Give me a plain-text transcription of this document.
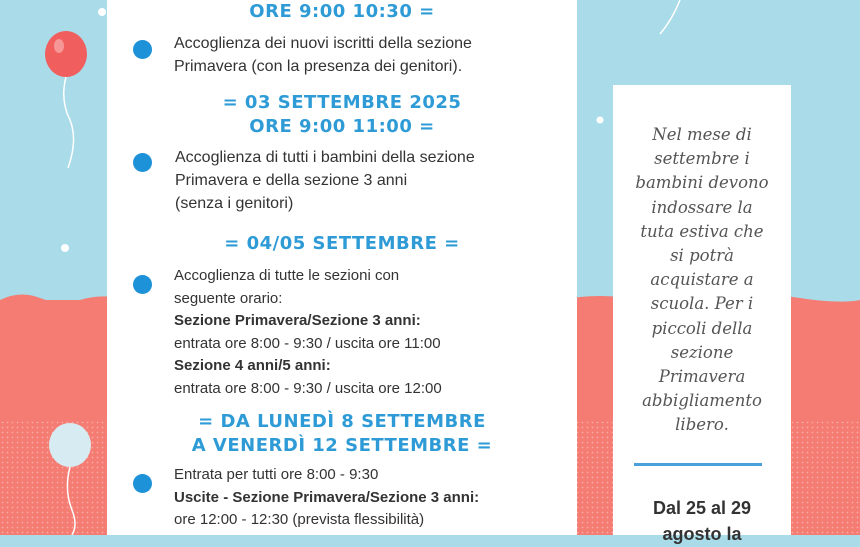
ORE 9:00 10:30 =
Accoglienza dei nuovi iscritti della sezione
Primavera (con la presenza dei genitori).
= 03 SETTEMBRE 2025
ORE 9:00 11:00 =
Accoglienza di tutti i bambini della sezione
Primavera e della sezione 3 anni
(senza i genitori)
= 04/05 SETTEMBRE =
Accoglienza di tutte le sezioni con
seguente orario:
Sezione Primavera/Sezione 3 anni:
entrata ore 8:00 - 9:30 / uscita ore 11:00
Sezione 4 anni/5 anni:
entrata ore 8:00 - 9:30 / uscita ore 12:00
= DA LUNEDÌ 8 SETTEMBRE
A VENERDÌ 12 SETTEMBRE =
Entrata per tutti ore 8:00 - 9:30
Uscite - Sezione Primavera/Sezione 3 anni:
ore 12:00 - 12:30 (prevista flessibilità)
Nel mese di
settembre i
bambini devono
indossare la
tuta estiva che
si potrà
acquistare a
scuola. Per i
piccoli della
sezione
Primavera
abbigliamento
libero.
Dal 25 al 29
agosto la
